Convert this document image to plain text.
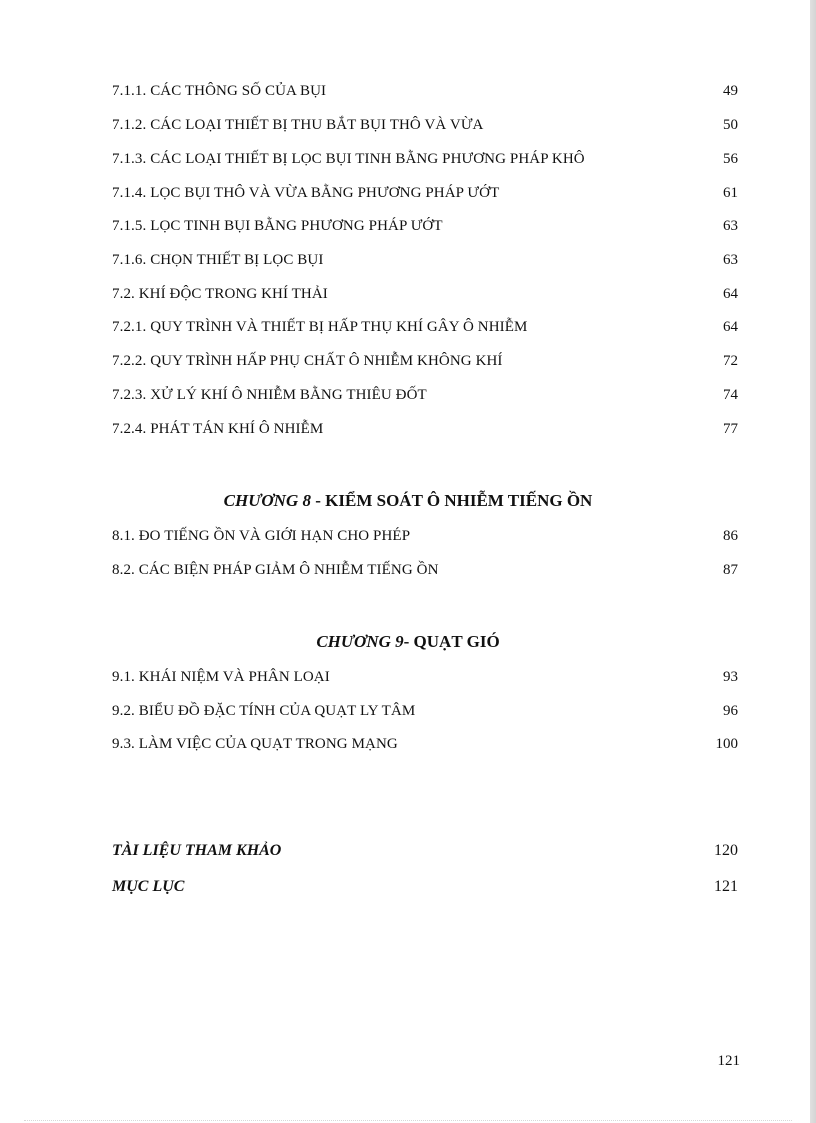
7.1.1. CÁC THÔNG SỐ CỦA BỤI	49
7.1.2. CÁC LOẠI THIẾT BỊ THU BẮT BỤI THÔ VÀ VỪA	50
7.1.3. CÁC LOẠI THIẾT BỊ LỌC BỤI TINH BẰNG PHƯƠNG PHÁP KHÔ	56
7.1.4. LỌC BỤI THÔ VÀ VỪA BẰNG PHƯƠNG PHÁP ƯỚT	61
7.1.5. LỌC TINH BỤI BẰNG PHƯƠNG PHÁP ƯỚT	63
7.1.6. CHỌN THIẾT BỊ LỌC BỤI	63
7.2. KHÍ ĐỘC TRONG KHÍ THẢI	64
7.2.1. QUY TRÌNH VÀ THIẾT BỊ HẤP THỤ KHÍ GÂY Ô NHIỄM	64
7.2.2. QUY TRÌNH HẤP PHỤ CHẤT Ô NHIỄM KHÔNG KHÍ	72
7.2.3. XỬ LÝ KHÍ Ô NHIỄM BẰNG THIÊU ĐỐT	74
7.2.4. PHÁT TÁN KHÍ Ô NHIỄM	77
CHƯƠNG 8 - KIỂM SOÁT Ô NHIỄM TIẾNG ỒN
8.1. ĐO TIẾNG ỒN VÀ GIỚI HẠN CHO PHÉP	86
8.2. CÁC BIỆN PHÁP GIẢM Ô NHIỄM TIẾNG ỒN	87
CHƯƠNG 9- QUẠT GIÓ
9.1. KHÁI NIỆM VÀ PHÂN LOẠI	93
9.2. BIỂU ĐỒ ĐẶC TÍNH CỦA QUẠT LY TÂM	96
9.3. LÀM VIỆC CỦA QUẠT TRONG MẠNG	100
TÀI LIỆU THAM KHẢO	120
MỤC LỤC	121
121
